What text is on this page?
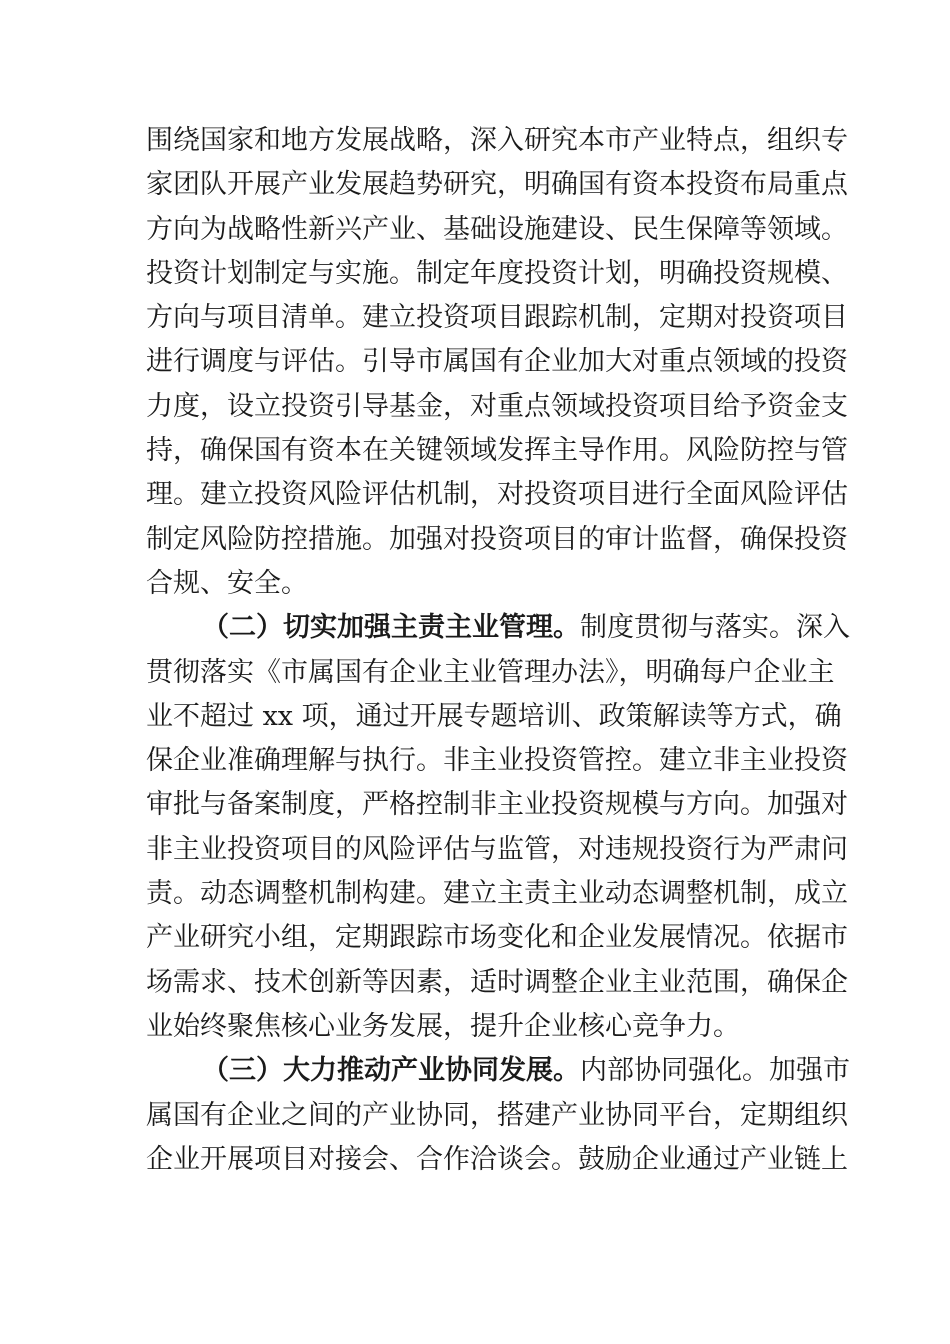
围绕国家和地方发展战略，深入研究本市产业特点，组织专
家团队开展产业发展趋势研究，明确国有资本投资布局重点
方向为战略性新兴产业、基础设施建设、民生保障等领域。
投资计划制定与实施。制定年度投资计划，明确投资规模、
方向与项目清单。建立投资项目跟踪机制，定期对投资项目
进行调度与评估。引导市属国有企业加大对重点领域的投资
力度，设立投资引导基金，对重点领域投资项目给予资金支
持，确保国有资本在关键领域发挥主导作用。风险防控与管
理。建立投资风险评估机制，对投资项目进行全面风险评估
制定风险防控措施。加强对投资项目的审计监督，确保投资
合规、安全。
（二）切实加强主责主业管理。制度贯彻与落实。深入
贯彻落实《市属国有企业主业管理办法》，明确每户企业主
业不超过 xx 项，通过开展专题培训、政策解读等方式，确
保企业准确理解与执行。非主业投资管控。建立非主业投资
审批与备案制度，严格控制非主业投资规模与方向。加强对
非主业投资项目的风险评估与监管，对违规投资行为严肃问
责。动态调整机制构建。建立主责主业动态调整机制，成立
产业研究小组，定期跟踪市场变化和企业发展情况。依据市
场需求、技术创新等因素，适时调整企业主业范围，确保企
业始终聚焦核心业务发展，提升企业核心竞争力。
（三）大力推动产业协同发展。内部协同强化。加强市
属国有企业之间的产业协同，搭建产业协同平台，定期组织
企业开展项目对接会、合作洽谈会。鼓励企业通过产业链上
